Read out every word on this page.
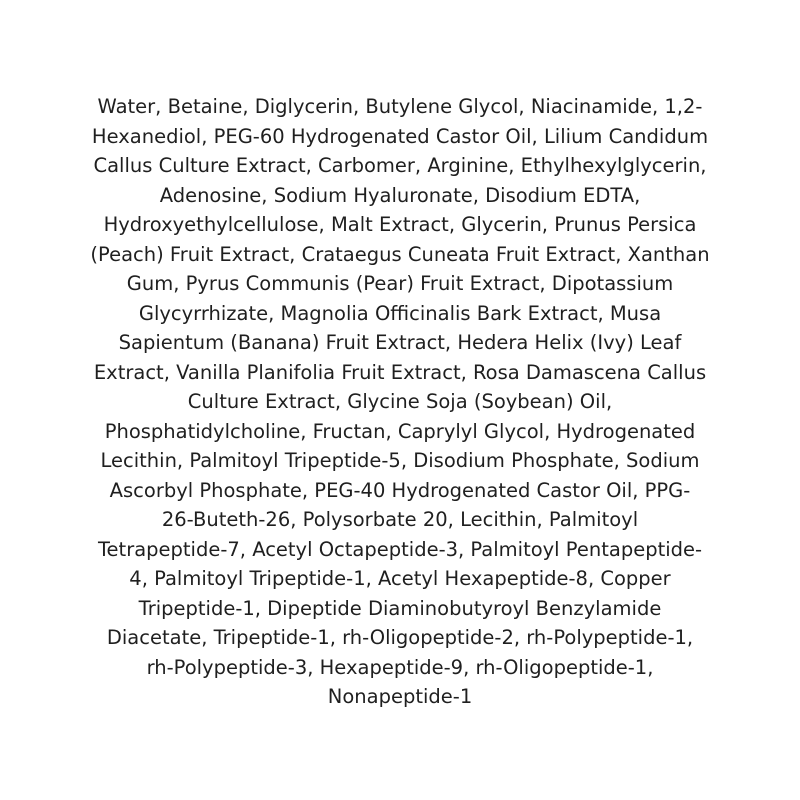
Water, Betaine, Diglycerin, Butylene Glycol, Niacinamide, 1,2-
Hexanediol, PEG-60 Hydrogenated Castor Oil, Lilium Candidum
Callus Culture Extract, Carbomer, Arginine, Ethylhexylglycerin,
Adenosine, Sodium Hyaluronate, Disodium EDTA,
Hydroxyethylcellulose, Malt Extract, Glycerin, Prunus Persica
(Peach) Fruit Extract, Crataegus Cuneata Fruit Extract, Xanthan
Gum, Pyrus Communis (Pear) Fruit Extract, Dipotassium
Glycyrrhizate, Magnolia Officinalis Bark Extract, Musa
Sapientum (Banana) Fruit Extract, Hedera Helix (Ivy) Leaf
Extract, Vanilla Planifolia Fruit Extract, Rosa Damascena Callus
Culture Extract, Glycine Soja (Soybean) Oil,
Phosphatidylcholine, Fructan, Caprylyl Glycol, Hydrogenated
Lecithin, Palmitoyl Tripeptide-5, Disodium Phosphate, Sodium
Ascorbyl Phosphate, PEG-40 Hydrogenated Castor Oil, PPG-
26-Buteth-26, Polysorbate 20, Lecithin, Palmitoyl
Tetrapeptide-7, Acetyl Octapeptide-3, Palmitoyl Pentapeptide-
4, Palmitoyl Tripeptide-1, Acetyl Hexapeptide-8, Copper
Tripeptide-1, Dipeptide Diaminobutyroyl Benzylamide
Diacetate, Tripeptide-1, rh-Oligopeptide-2, rh-Polypeptide-1,
rh-Polypeptide-3, Hexapeptide-9, rh-Oligopeptide-1,
Nonapeptide-1
